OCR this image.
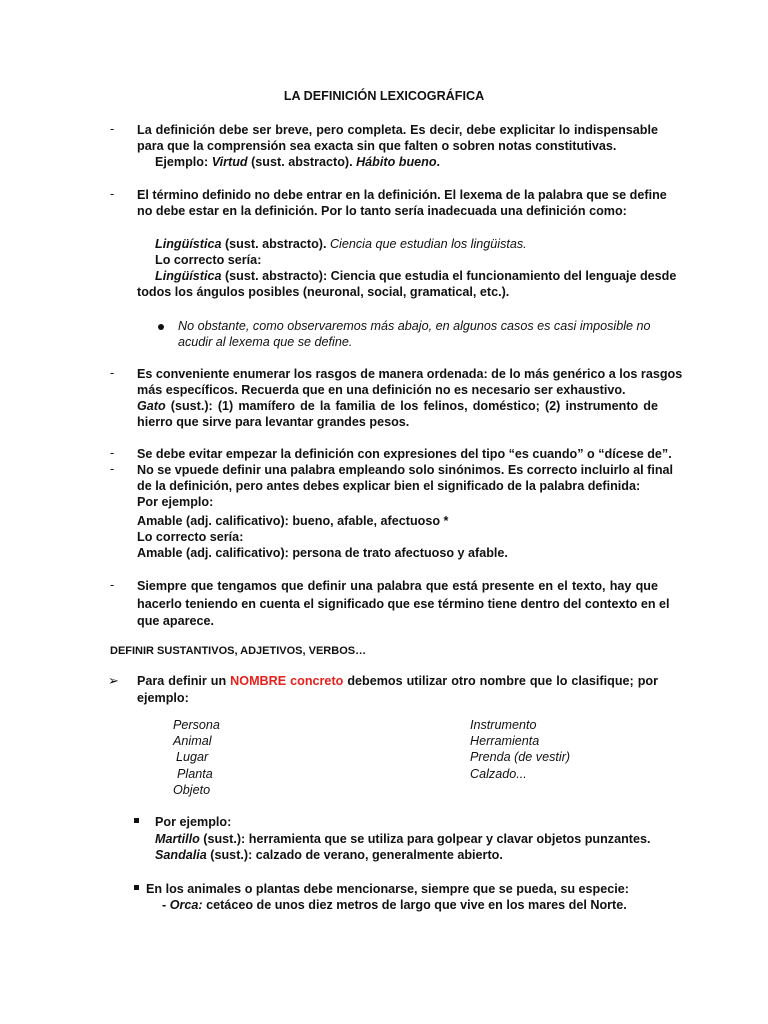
LA DEFINICIÓN LEXICOGRÁFICA
- La definición debe ser breve, pero completa. Es decir, debe explicitar lo indispensable
para que la comprensión sea exacta sin que falten o sobren notas constitutivas.
Ejemplo: Virtud (sust. abstracto). Hábito bueno.
- El término definido no debe entrar en la definición. El lexema de la palabra que se define
no debe estar en la definición. Por lo tanto sería inadecuada una definición como:
Lingüística (sust. abstracto). Ciencia que estudian los lingüistas.
Lo correcto sería:
Lingüística (sust. abstracto): Ciencia que estudia el funcionamiento del lenguaje desde
todos los ángulos posibles (neuronal, social, gramatical, etc.).
No obstante, como observaremos más abajo, en algunos casos es casi imposible no
acudir al lexema que se define.
- Es conveniente enumerar los rasgos de manera ordenada: de lo más genérico a los rasgos
más específicos. Recuerda que en una definición no es necesario ser exhaustivo.
Gato (sust.): (1) mamífero de la familia de los felinos, doméstico; (2) instrumento de
hierro que sirve para levantar grandes pesos.
- Se debe evitar empezar la definición con expresiones del tipo “es cuando” o “dícese de”.
- No se vpuede definir una palabra empleando solo sinónimos. Es correcto incluirlo al final
de la definición, pero antes debes explicar bien el significado de la palabra definida:
Por ejemplo:
Amable (adj. calificativo): bueno, afable, afectuoso *
Lo correcto sería:
Amable (adj. calificativo): persona de trato afectuoso y afable.
- Siempre que tengamos que definir una palabra que está presente en el texto, hay que
hacerlo teniendo en cuenta el significado que ese término tiene dentro del contexto en el
que aparece.
DEFINIR SUSTANTIVOS, ADJETIVOS, VERBOS…
➢ Para definir un NOMBRE concreto debemos utilizar otro nombre que lo clasifique; por
ejemplo:
Persona
Animal
Lugar
Planta
Objeto
Instrumento
Herramienta
Prenda (de vestir)
Calzado...
Por ejemplo:
Martillo (sust.): herramienta que se utiliza para golpear y clavar objetos punzantes.
Sandalia (sust.): calzado de verano, generalmente abierto.
En los animales o plantas debe mencionarse, siempre que se pueda, su especie:
- Orca: cetáceo de unos diez metros de largo que vive en los mares del Norte.
